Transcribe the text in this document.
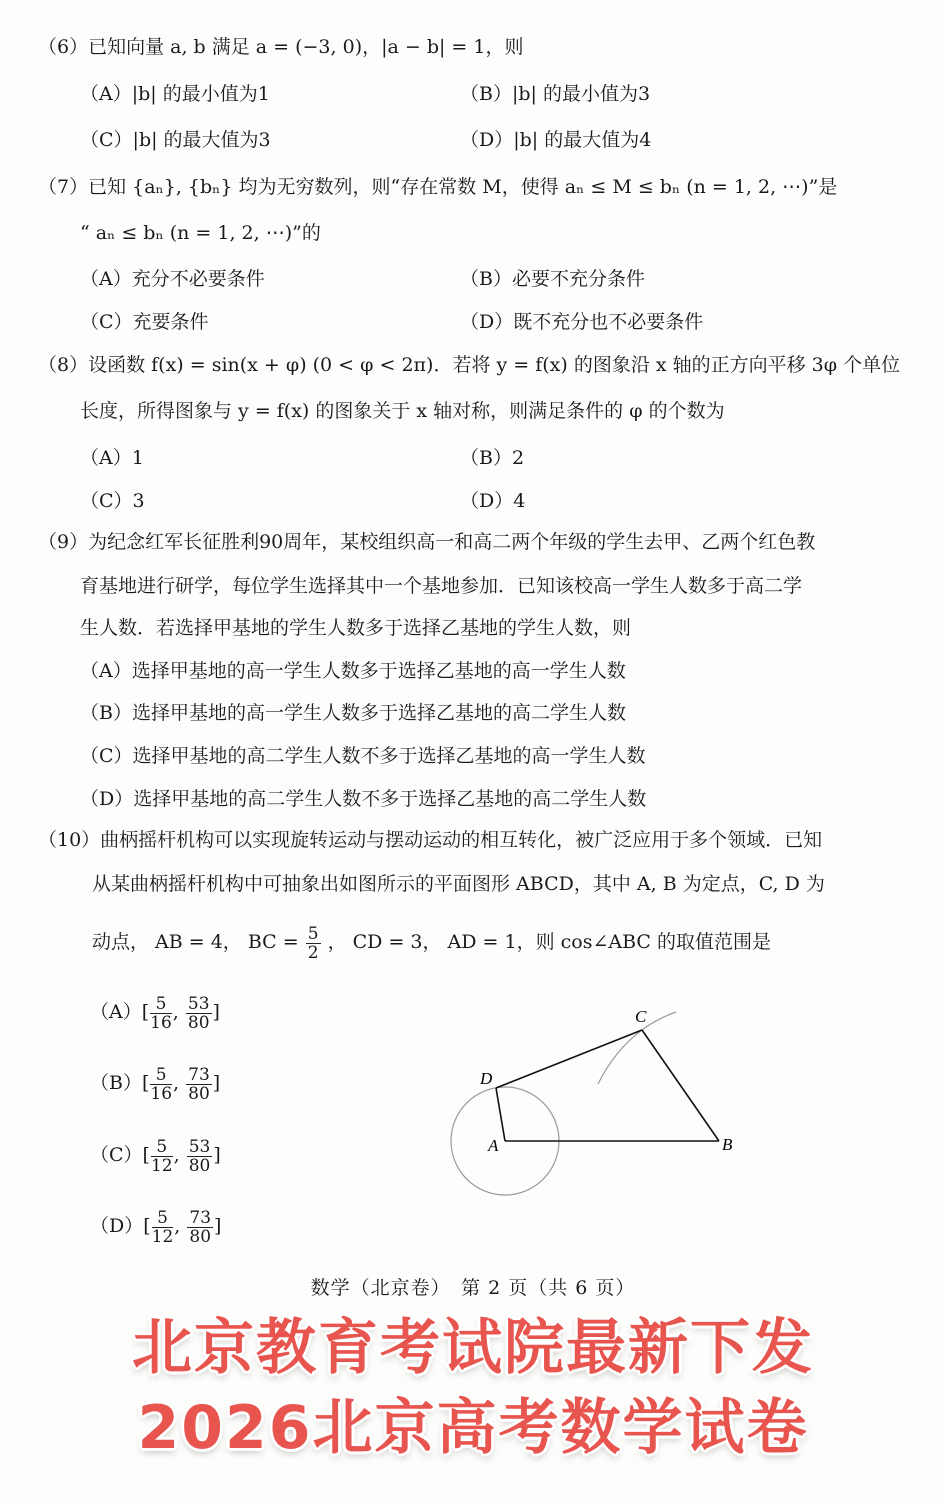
（6）已知向量 a, b 满足 a = (−3, 0)，|a − b| = 1，则
（A）|b| 的最小值为1	（B）|b| 的最小值为3
（C）|b| 的最大值为3	（D）|b| 的最大值为4
（7）已知 {aₙ}, {bₙ} 均为无穷数列，则“存在常数 M，使得 aₙ ≤ M ≤ bₙ (n = 1, 2, ⋯)”是
“ aₙ ≤ bₙ (n = 1, 2, ⋯)”的
（A）充分不必要条件	（B）必要不充分条件
（C）充要条件	（D）既不充分也不必要条件
（8）设函数 f(x) = sin(x + φ) (0 < φ < 2π)．若将 y = f(x) 的图象沿 x 轴的正方向平移 3φ 个单位
长度，所得图象与 y = f(x) 的图象关于 x 轴对称，则满足条件的 φ 的个数为
（A）1	（B）2
（C）3	（D）4
（9）为纪念红军长征胜利90周年，某校组织高一和高二两个年级的学生去甲、乙两个红色教
育基地进行研学，每位学生选择其中一个基地参加．已知该校高一学生人数多于高二学
生人数．若选择甲基地的学生人数多于选择乙基地的学生人数，则
（A）选择甲基地的高一学生人数多于选择乙基地的高一学生人数
（B）选择甲基地的高一学生人数多于选择乙基地的高二学生人数
（C）选择甲基地的高二学生人数不多于选择乙基地的高一学生人数
（D）选择甲基地的高二学生人数不多于选择乙基地的高二学生人数
（10）曲柄摇杆机构可以实现旋转运动与摆动运动的相互转化，被广泛应用于多个领域．已知
从某曲柄摇杆机构中可抽象出如图所示的平面图形 ABCD，其中 A, B 为定点，C, D 为
动点， AB = 4， BC = $\frac{5}{2}$ ， CD = 3， AD = 1，则 cos∠ABC 的取值范围是
$(A)[ \frac{5}{16}$ , $\frac{53}{80}$ ]
$(B)[ \frac{5}{16}$ , $\frac{73}{80}$ ]
$(C)[ \frac{5}{12}$ , $\frac{53}{80}$ ]
$(D)[ \frac{5}{12}$ , $\frac{73}{80}$ ]
A	B
C
D
数学（北京卷）　第 2 页（共 6 页）
北京教育考试院最新下发
2026北京高考数学试卷
